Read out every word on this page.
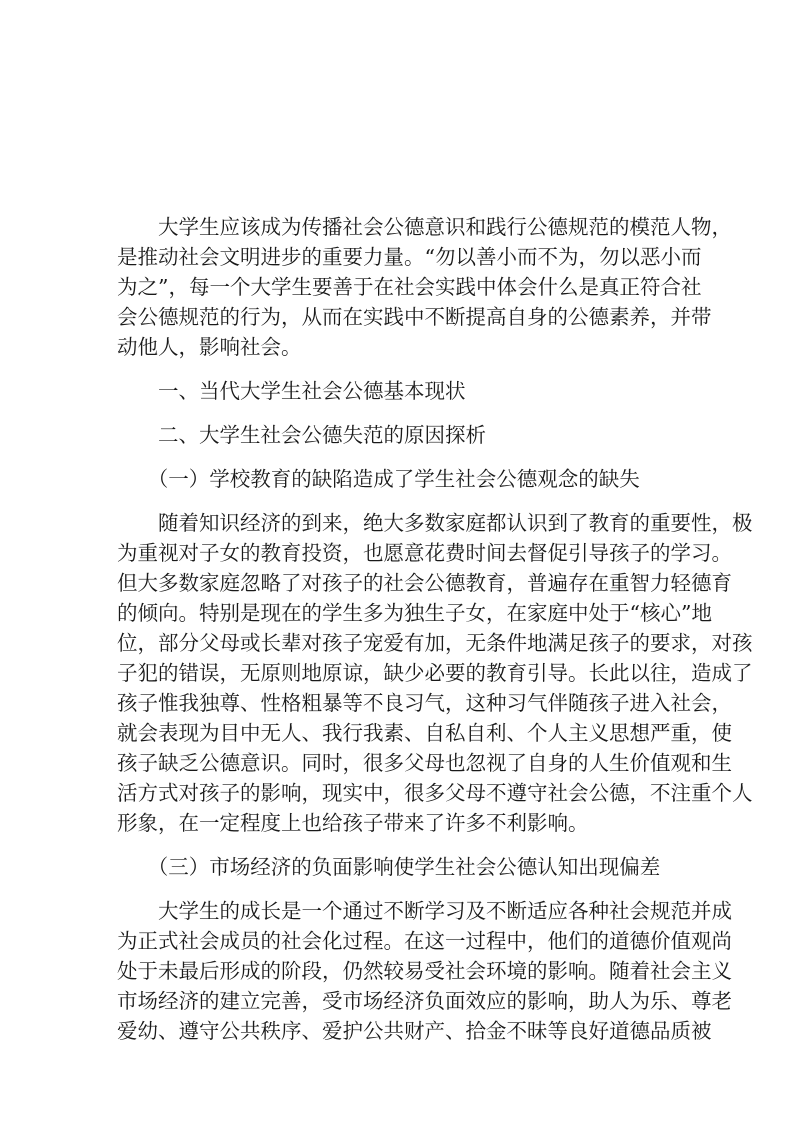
　　大学生应该成为传播社会公德意识和践行公德规范的模范人物，
是推动社会文明进步的重要力量。“勿以善小而不为，勿以恶小而
为之”，每一个大学生要善于在社会实践中体会什么是真正符合社
会公德规范的行为，从而在实践中不断提高自身的公德素养，并带
动他人，影响社会。
　　一、当代大学生社会公德基本现状
　　二、大学生社会公德失范的原因探析
　　（一）学校教育的缺陷造成了学生社会公德观念的缺失
　　随着知识经济的到来，绝大多数家庭都认识到了教育的重要性，极
为重视对子女的教育投资，也愿意花费时间去督促引导孩子的学习。
但大多数家庭忽略了对孩子的社会公德教育，普遍存在重智力轻德育
的倾向。特别是现在的学生多为独生子女，在家庭中处于“核心”地
位，部分父母或长辈对孩子宠爱有加，无条件地满足孩子的要求，对孩
子犯的错误，无原则地原谅，缺少必要的教育引导。长此以往，造成了
孩子惟我独尊、性格粗暴等不良习气，这种习气伴随孩子进入社会，
就会表现为目中无人、我行我素、自私自利、个人主义思想严重，使
孩子缺乏公德意识。同时，很多父母也忽视了自身的人生价值观和生
活方式对孩子的影响，现实中，很多父母不遵守社会公德，不注重个人
形象，在一定程度上也给孩子带来了许多不利影响。
　　（三）市场经济的负面影响使学生社会公德认知出现偏差
　　大学生的成长是一个通过不断学习及不断适应各种社会规范并成
为正式社会成员的社会化过程。在这一过程中，他们的道德价值观尚
处于未最后形成的阶段，仍然较易受社会环境的影响。随着社会主义
市场经济的建立完善，受市场经济负面效应的影响，助人为乐、尊老
爱幼、遵守公共秩序、爱护公共财产、拾金不昧等良好道德品质被
